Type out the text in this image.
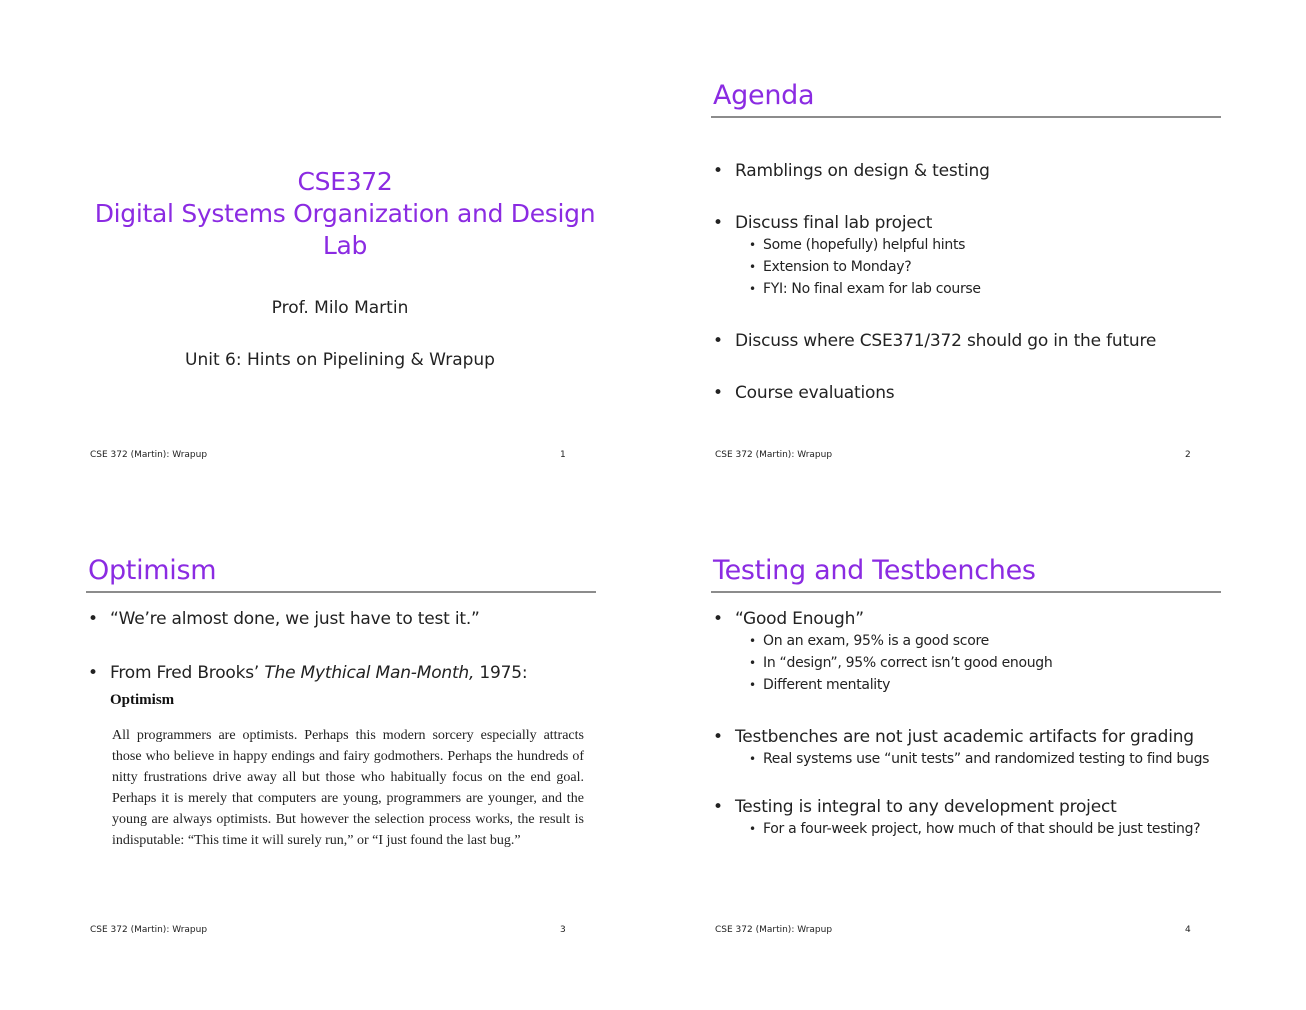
CSE372
Digital Systems Organization and Design
Lab
Prof. Milo Martin
Unit 6: Hints on Pipelining & Wrapup
CSE 372 (Martin): Wrapup	1
Agenda
• Ramblings on design & testing
• Discuss final lab project
• Some (hopefully) helpful hints
• Extension to Monday?
• FYI: No final exam for lab course
• Discuss where CSE371/372 should go in the future
• Course evaluations
CSE 372 (Martin): Wrapup	2
Optimism
• “We’re almost done, we just have to test it.”
• From Fred Brooks’ The Mythical Man-Month, 1975:
Optimism
All programmers are optimists. Perhaps this modern sorcery especially attracts those who believe in happy endings and fairy godmothers. Perhaps the hundreds of nitty frustrations drive away all but those who habitually focus on the end goal. Perhaps it is merely that computers are young, programmers are younger, and the young are always optimists. But however the selection process works, the result is indisputable: “This time it will surely run,” or “I just found the last bug.”
CSE 372 (Martin): Wrapup	3
Testing and Testbenches
• “Good Enough”
• On an exam, 95% is a good score
• In “design”, 95% correct isn’t good enough
• Different mentality
• Testbenches are not just academic artifacts for grading
• Real systems use “unit tests” and randomized testing to find bugs
• Testing is integral to any development project
• For a four-week project, how much of that should be just testing?
CSE 372 (Martin): Wrapup	4
